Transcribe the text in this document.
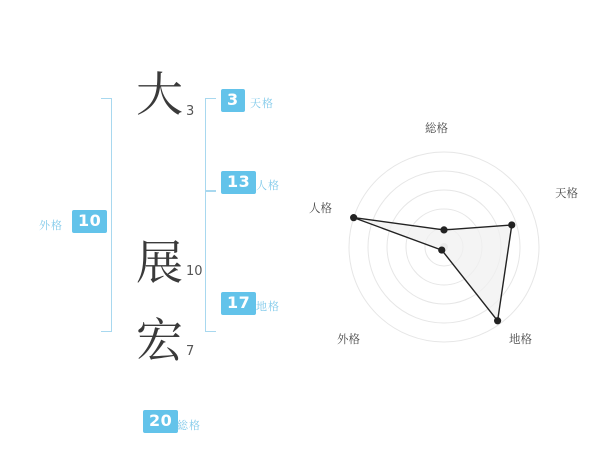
大 3
展 10
宏 7
3	天格
13 人格
17 地格
外格 10
20 総格
総格
天格
地格
外格
人格
